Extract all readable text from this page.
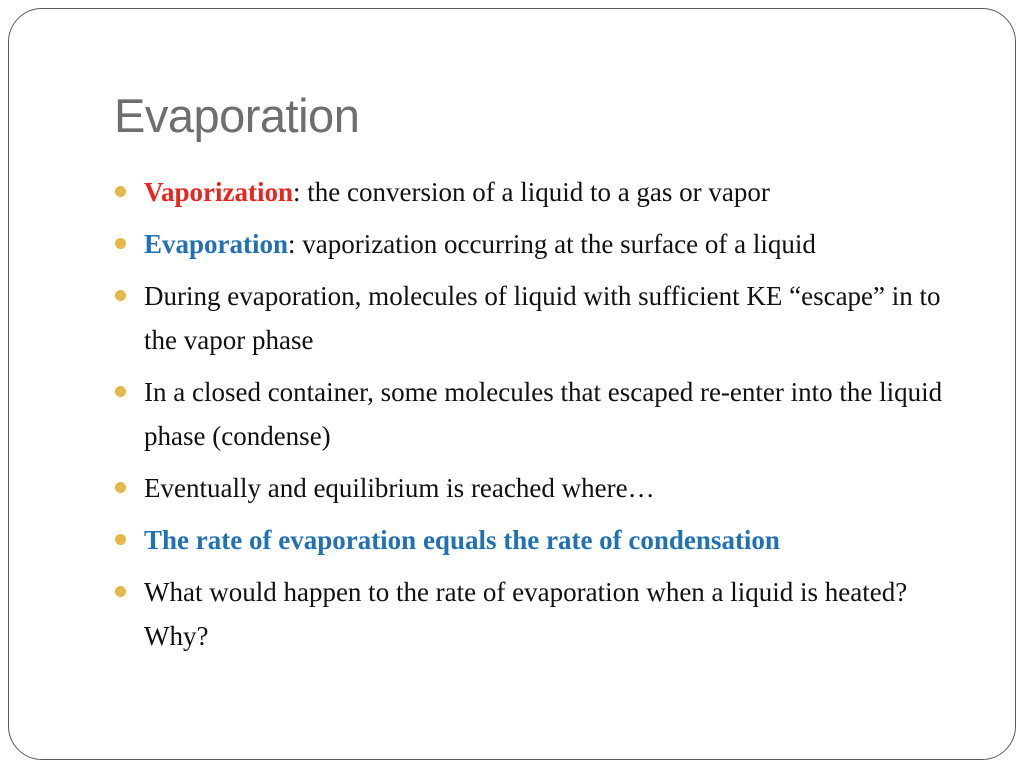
Evaporation
Vaporization: the conversion of a liquid to a gas or vapor
Evaporation: vaporization occurring at the surface of a liquid
During evaporation, molecules of liquid with sufficient KE “escape” in to the vapor phase
In a closed container, some molecules that escaped re-enter into the liquid phase (condense)
Eventually and equilibrium is reached where…
The rate of evaporation equals the rate of condensation
What would happen to the rate of evaporation when a liquid is heated? Why?
